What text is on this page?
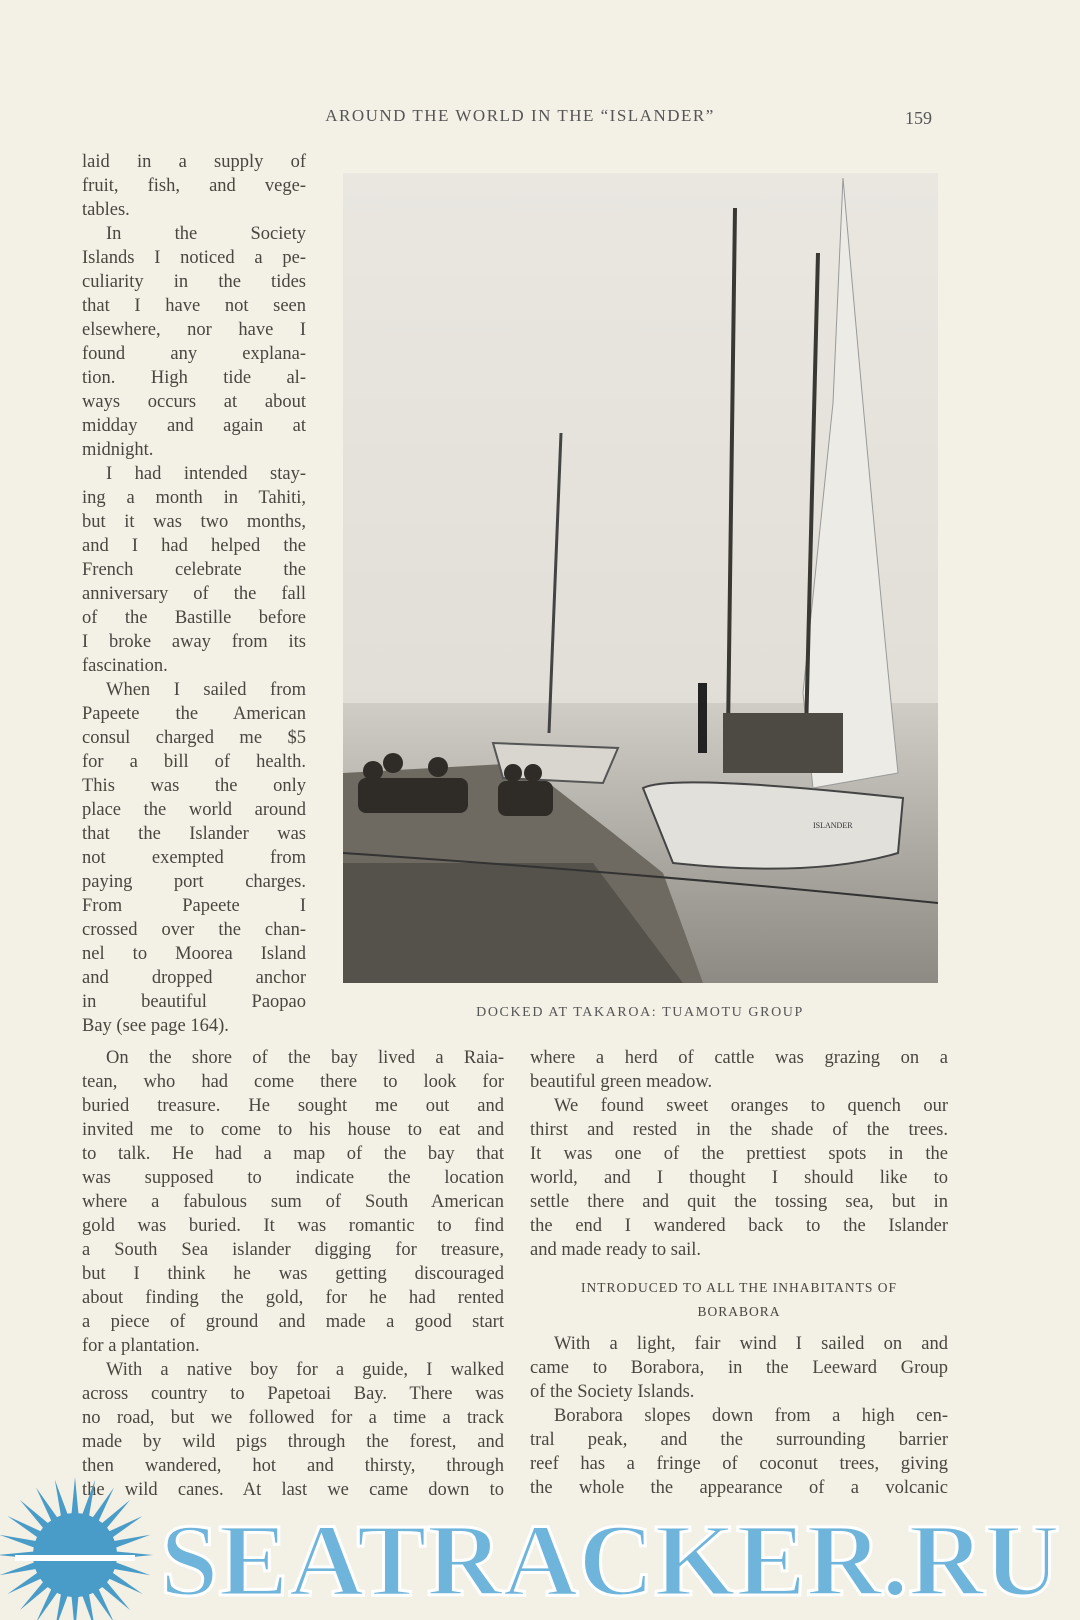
AROUND THE WORLD IN THE “ISLANDER”	159
laid in a supply of
fruit, fish, and vege-
tables.
In the Society
Islands I noticed a pe-
culiarity in the tides
that I have not seen
elsewhere, nor have I
found any explana-
tion. High tide al-
ways occurs at about
midday and again at
midnight.
I had intended stay-
ing a month in Tahiti,
but it was two months,
and I had helped the
French celebrate the
anniversary of the fall
of the Bastille before
I broke away from its
fascination.
When I sailed from
Papeete the American
consul charged me $5
for a bill of health.
This was the only
place the world around
that the Islander was
not exempted from
paying port charges.
From Papeete I
crossed over the chan-
nel to Moorea Island
and dropped anchor
in beautiful Paopao
Bay (see page 164).
ISLANDER
DOCKED AT TAKAROA: TUAMOTU GROUP
On the shore of the bay lived a Raia-
tean, who had come there to look for
buried treasure. He sought me out and
invited me to come to his house to eat and
to talk. He had a map of the bay that
was supposed to indicate the location
where a fabulous sum of South American
gold was buried. It was romantic to find
a South Sea islander digging for treasure,
but I think he was getting discouraged
about finding the gold, for he had rented
a piece of ground and made a good start
for a plantation.
With a native boy for a guide, I walked
across country to Papetoai Bay. There was
no road, but we followed for a time a track
made by wild pigs through the forest, and
then wandered, hot and thirsty, through
the wild canes. At last we came down to
where a herd of cattle was grazing on a
beautiful green meadow.
We found sweet oranges to quench our
thirst and rested in the shade of the trees.
It was one of the prettiest spots in the
world, and I thought I should like to
settle there and quit the tossing sea, but in
the end I wandered back to the Islander
and made ready to sail.
INTRODUCED TO ALL THE INHABITANTS OF
BORABORA
With a light, fair wind I sailed on and
came to Borabora, in the Leeward Group
of the Society Islands.
Borabora slopes down from a high cen-
tral peak, and the surrounding barrier
reef has a fringe of coconut trees, giving
the whole the appearance of a volcanic
SEATRACKER.RU
